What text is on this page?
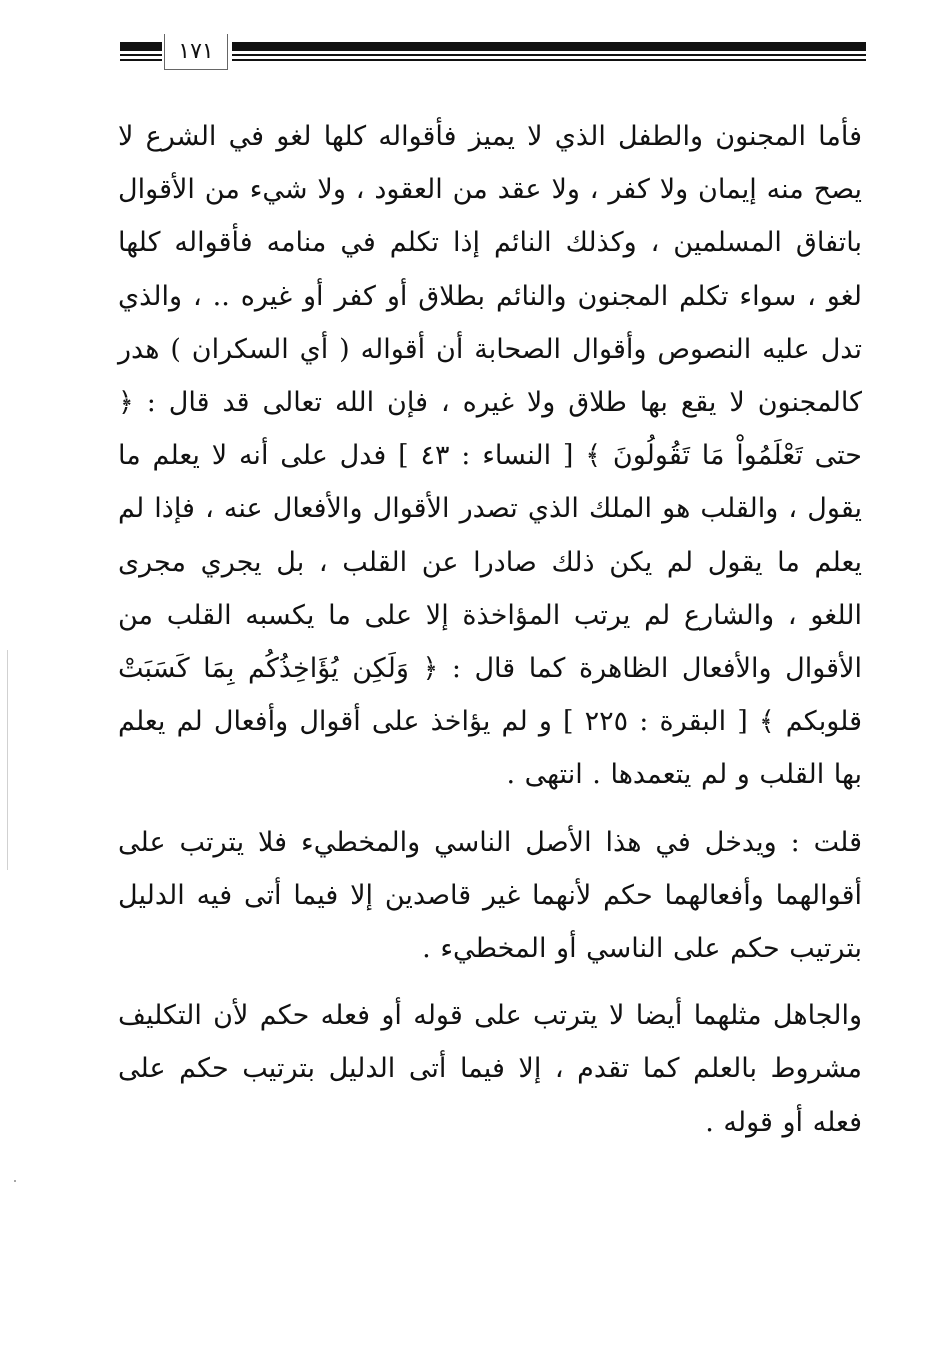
١٧١

فأما المجنون والطفل الذي لا يميز فأقواله كلها لغو في الشرع لا يصح منه إيمان ولا كفر ، ولا عقد من العقود ، ولا شيء من الأقوال باتفاق المسلمين ، وكذلك النائم إذا تكلم في منامه فأقواله كلها لغو ، سواء تكلم المجنون والنائم بطلاق أو كفر أو غيره .. ، والذي تدل عليه النصوص وأقوال الصحابة أن أقواله ( أي السكران ) هدر كالمجنون لا يقع بها طلاق ولا غيره ، فإن الله تعالى قد قال : ﴿ حتى تَعْلَمُواْ مَا تَقُولُونَ ﴾ [ النساء : ٤٣ ] فدل على أنه لا يعلم ما يقول ، والقلب هو الملك الذي تصدر الأقوال والأفعال عنه ، فإذا لم يعلم ما يقول لم يكن ذلك صادرا عن القلب ، بل يجري مجرى اللغو ، والشارع لم يرتب المؤاخذة إلا على ما يكسبه القلب من الأقوال والأفعال الظاهرة كما قال : ﴿ وَلَكِن يُؤَاخِذُكُم بِمَا كَسَبَتْ قلوبكم ﴾ [ البقرة : ٢٢٥ ] و لم يؤاخذ على أقوال وأفعال لم يعلم بها القلب و لم يتعمدها . انتهى .

قلت : ويدخل في هذا الأصل الناسي والمخطيء فلا يترتب على أقوالهما وأفعالهما حكم لأنهما غير قاصدين إلا فيما أتى فيه الدليل بترتيب حكم على الناسي أو المخطيء .

والجاهل مثلهما أيضا لا يترتب على قوله أو فعله حكم لأن التكليف مشروط بالعلم كما تقدم ، إلا فيما أتى الدليل بترتيب حكم على فعله أو قوله .
